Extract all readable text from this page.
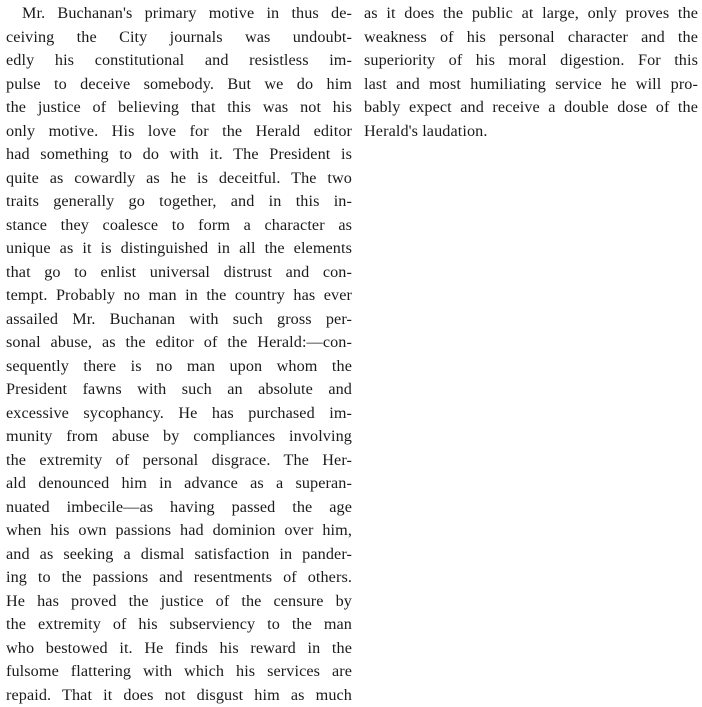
Mr. Buchanan's primary motive in thus de-
ceiving the City journals was undoubt-
edly his constitutional and resistless im-
pulse to deceive somebody. But we do him
the justice of believing that this was not his
only motive. His love for the Herald editor
had something to do with it. The President is
quite as cowardly as he is deceitful. The two
traits generally go together, and in this in-
stance they coalesce to form a character as
unique as it is distinguished in all the elements
that go to enlist universal distrust and con-
tempt. Probably no man in the country has ever
assailed Mr. Buchanan with such gross per-
sonal abuse, as the editor of the Herald:—con-
sequently there is no man upon whom the
President fawns with such an absolute and
excessive sycophancy. He has purchased im-
munity from abuse by compliances involving
the extremity of personal disgrace. The Her-
ald denounced him in advance as a superan-
nuated imbecile—as having passed the age
when his own passions had dominion over him,
and as seeking a dismal satisfaction in pander-
ing to the passions and resentments of others.
He has proved the justice of the censure by
the extremity of his subserviency to the man
who bestowed it. He finds his reward in the
fulsome flattering with which his services are
repaid. That it does not disgust him as much
as it does the public at large, only proves the
weakness of his personal character and the
superiority of his moral digestion. For this
last and most humiliating service he will pro-
bably expect and receive a double dose of the
Herald's laudation.
